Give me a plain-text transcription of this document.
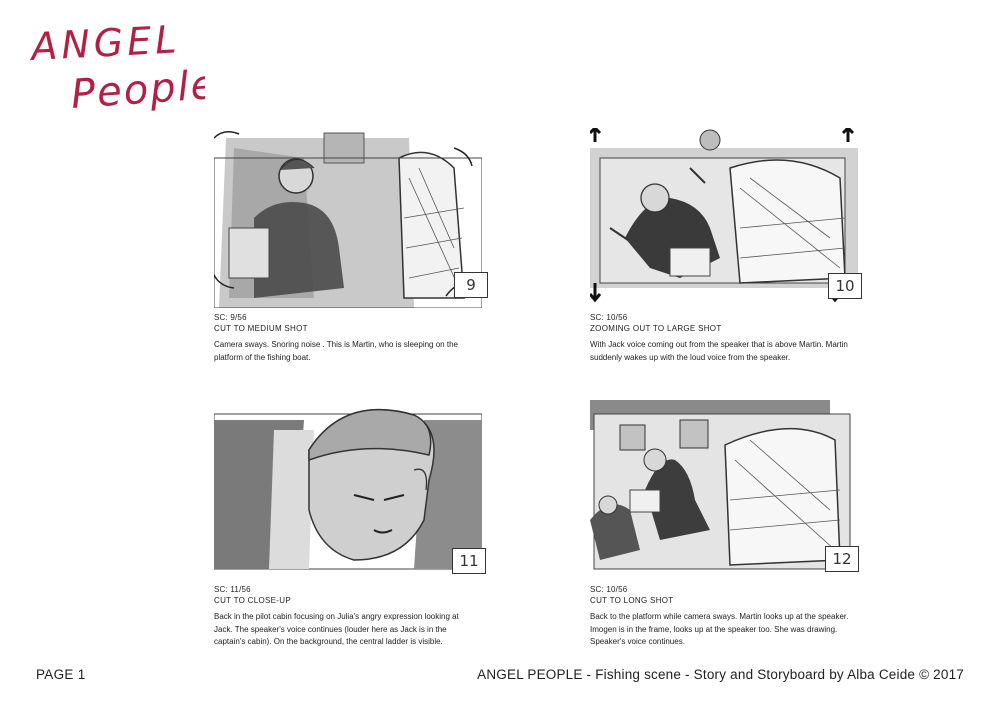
ANGEL
People
9
SC: 9/56
CUT TO MEDIUM SHOT
Camera sways. Snoring noise . This is Martin, who is sleeping on the platform of the fishing boat.
10
SC: 10/56
ZOOMING OUT TO LARGE SHOT
With Jack voice coming out from the speaker that is above Martin. Martin suddenly wakes up with the loud voice from the speaker.
11
SC: 11/56
CUT TO CLOSE-UP
Back in the pilot cabin focusing on Julia's angry expression looking at Jack. The speaker's voice continues (louder here as Jack is in the captain's cabin). On the background, the central ladder is visible.
12
SC: 10/56
CUT TO LONG SHOT
Back to the platform while camera sways. Martin looks up at the speaker. Imogen is in the frame, looks up at the speaker too. She was drawing. Speaker's voice continues.
PAGE 1	ANGEL PEOPLE - Fishing scene - Story and Storyboard by Alba Ceide © 2017
